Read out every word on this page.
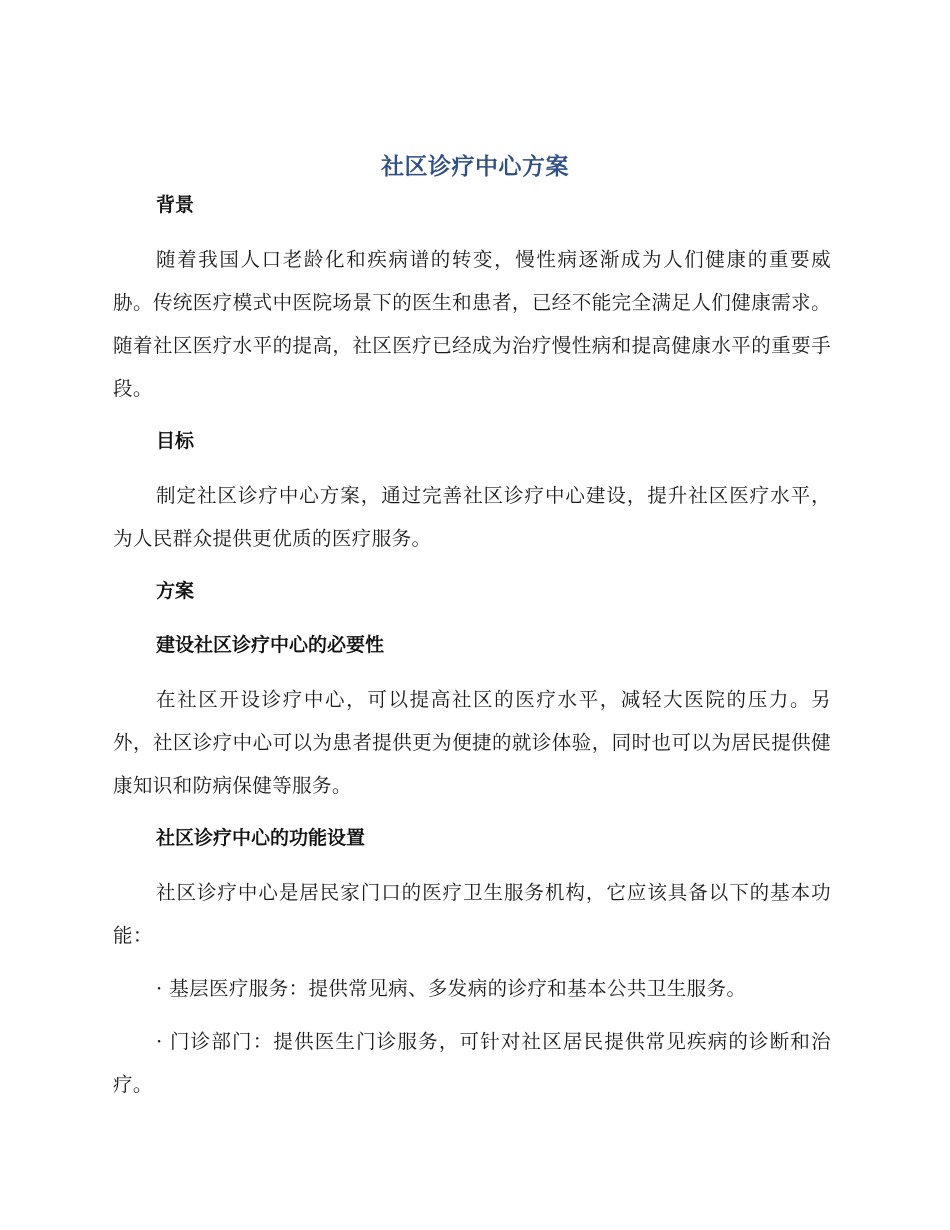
社区诊疗中心方案
背景

随着我国人口老龄化和疾病谱的转变，慢性病逐渐成为人们健康的重要威胁。传统医疗模式中医院场景下的医生和患者，已经不能完全满足人们健康需求。随着社区医疗水平的提高，社区医疗已经成为治疗慢性病和提高健康水平的重要手段。

目标

制定社区诊疗中心方案，通过完善社区诊疗中心建设，提升社区医疗水平，为人民群众提供更优质的医疗服务。

方案
建设社区诊疗中心的必要性

在社区开设诊疗中心，可以提高社区的医疗水平，减轻大医院的压力。另外，社区诊疗中心可以为患者提供更为便捷的就诊体验，同时也可以为居民提供健康知识和防病保健等服务。

社区诊疗中心的功能设置

社区诊疗中心是居民家门口的医疗卫生服务机构，它应该具备以下的基本功能：

· 基层医疗服务：提供常见病、多发病的诊疗和基本公共卫生服务。

· 门诊部门：提供医生门诊服务，可针对社区居民提供常见疾病的诊断和治疗。
